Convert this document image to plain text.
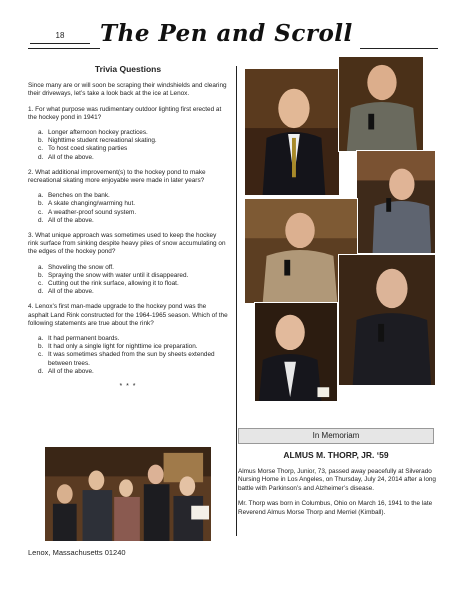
18	The Pen and Scroll
Trivia Questions

Since many are or will soon be scraping their windshields and clearing their driveways, let’s take a look back at the ice at Lenox.

1. For what purpose was rudimentary outdoor lighting first erected at the hockey pond in 1941?

a. Longer afternoon hockey practices.
b. Nighttime student recreational skating.
c. To host coed skating parties
d. All of the above.

2. What additional improvement(s) to the hockey pond to make recreational skating more enjoyable were made in later years?

a. Benches on the bank.
b. A skate changing/warming hut.
c. A weather-proof sound system.
d. All of the above.

3. What unique approach was sometimes used to keep the hockey rink surface from sinking despite heavy piles of snow accumulating on the edges of the hockey pond?

a. Shoveling the snow off.
b. Spraying the snow with water until it disappeared.
c. Cutting out the rink surface, allowing it to float.
d. All of the above.

4. Lenox’s first man-made upgrade to the hockey pond was the asphalt Land Rink constructed for the 1964-1965 season. Which of the following statements are true about the rink?

a. It had permanent boards.
b. It had only a single light for nighttime ice preparation.
c. It was sometimes shaded from the sun by sheets extended between trees.
d. All of the above.
* * *
In Memoriam
ALMUS M. THORP, JR. ‘59

Almus Morse Thorp, Junior, 73, passed away peacefully at Silverado Nursing Home in Los Angeles, on Thursday, July 24, 2014 after a long battle with Parkinson’s and Alzheimer’s disease.

Mr. Thorp was born in Columbus, Ohio on March 16, 1941 to the late Reverend Almus Morse Thorp and Merriel (Kimball).

Lenox, Massachusetts 01240
